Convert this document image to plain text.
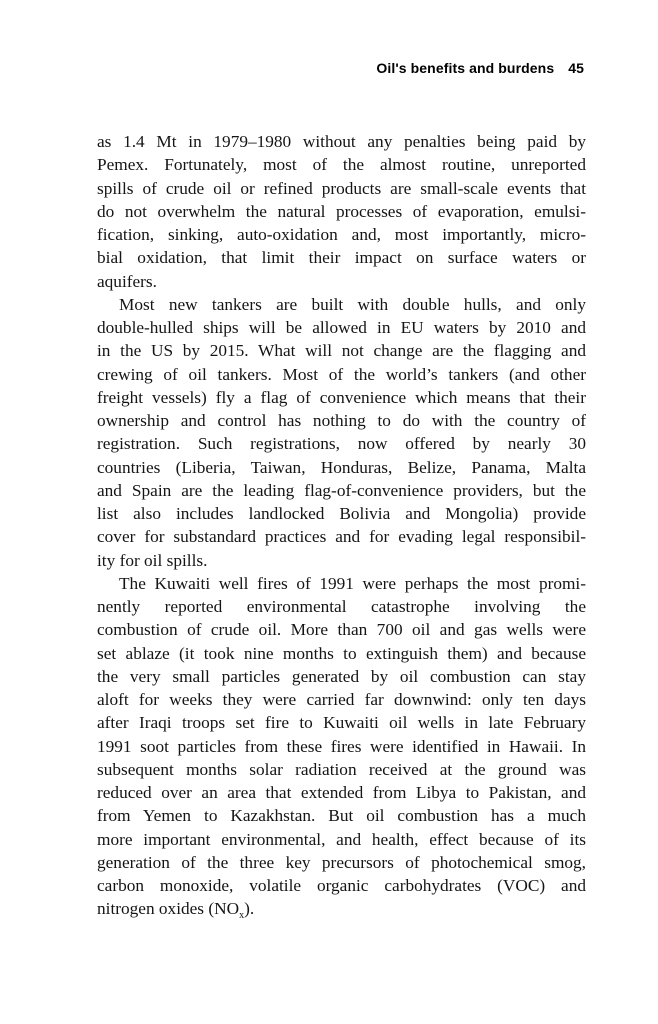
Oil's benefits and burdens 45
as 1.4 Mt in 1979–1980 without any penalties being paid by
Pemex. Fortunately, most of the almost routine, unreported
spills of crude oil or refined products are small-scale events that
do not overwhelm the natural processes of evaporation, emulsi-
fication, sinking, auto-oxidation and, most importantly, micro-
bial oxidation, that limit their impact on surface waters or
aquifers.
Most new tankers are built with double hulls, and only
double-hulled ships will be allowed in EU waters by 2010 and
in the US by 2015. What will not change are the flagging and
crewing of oil tankers. Most of the world’s tankers (and other
freight vessels) fly a flag of convenience which means that their
ownership and control has nothing to do with the country of
registration. Such registrations, now offered by nearly 30
countries (Liberia, Taiwan, Honduras, Belize, Panama, Malta
and Spain are the leading flag-of-convenience providers, but the
list also includes landlocked Bolivia and Mongolia) provide
cover for substandard practices and for evading legal responsibil-
ity for oil spills.
The Kuwaiti well fires of 1991 were perhaps the most promi-
nently reported environmental catastrophe involving the
combustion of crude oil. More than 700 oil and gas wells were
set ablaze (it took nine months to extinguish them) and because
the very small particles generated by oil combustion can stay
aloft for weeks they were carried far downwind: only ten days
after Iraqi troops set fire to Kuwaiti oil wells in late February
1991 soot particles from these fires were identified in Hawaii. In
subsequent months solar radiation received at the ground was
reduced over an area that extended from Libya to Pakistan, and
from Yemen to Kazakhstan. But oil combustion has a much
more important environmental, and health, effect because of its
generation of the three key precursors of photochemical smog,
carbon monoxide, volatile organic carbohydrates (VOC) and
nitrogen oxides $(NO_x)$.
